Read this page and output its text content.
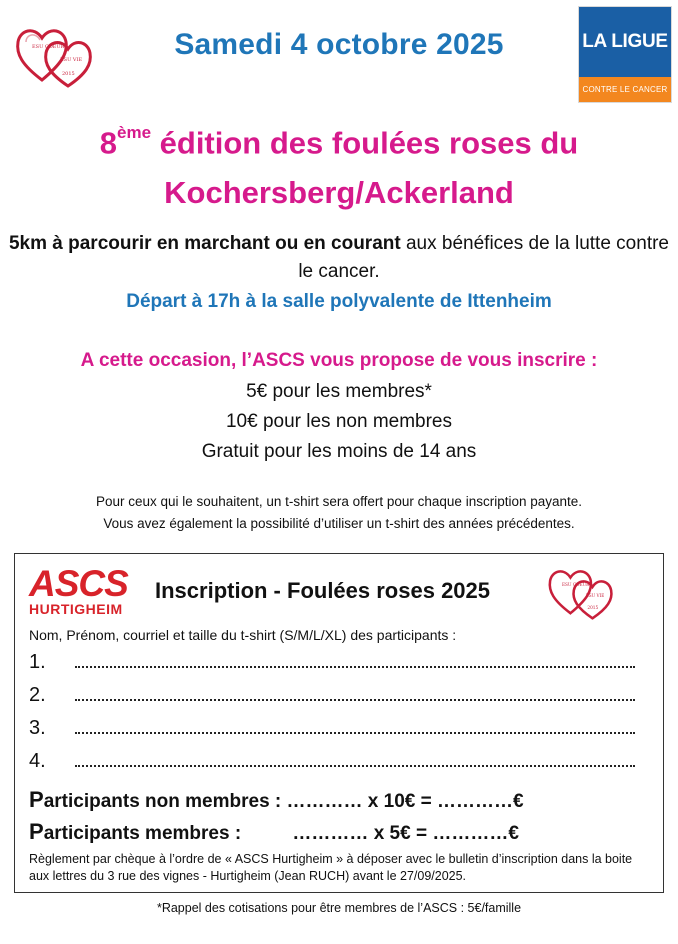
ESU COEUR
ESU VIE
2015
Samedi 4 octobre 2025	LA LIGUE
CONTRE LE CANCER
8ème édition des foulées roses du
Kochersberg/Ackerland
5km à parcourir en marchant ou en courant aux bénéfices de la lutte contre le cancer.
Départ à 17h à la salle polyvalente de Ittenheim
A cette occasion, l’ASCS vous propose de vous inscrire :
5€ pour les membres*
10€ pour les non membres
Gratuit pour les moins de 14 ans
Pour ceux qui le souhaitent, un t-shirt sera offert pour chaque inscription payante.
Vous avez également la possibilité d’utiliser un t-shirt des années précédentes.
ASCS
HURTIGHEIM
Inscription - Foulées roses 2025	ESU COEUR
ESU VIE
2015
Nom, Prénom, courriel et taille du t-shirt (S/M/L/XL) des participants :
1.
2.
3.
4.
Participants non membres : ………… x 10€ = …………€
Participants membres : ………… x 5€ = …………€
Règlement par chèque à l’ordre de « ASCS Hurtigheim » à déposer avec le bulletin d’inscription dans la boite aux lettres du 3 rue des vignes - Hurtigheim (Jean RUCH) avant le 27/09/2025.
*Rappel des cotisations pour être membres de l’ASCS : 5€/famille
